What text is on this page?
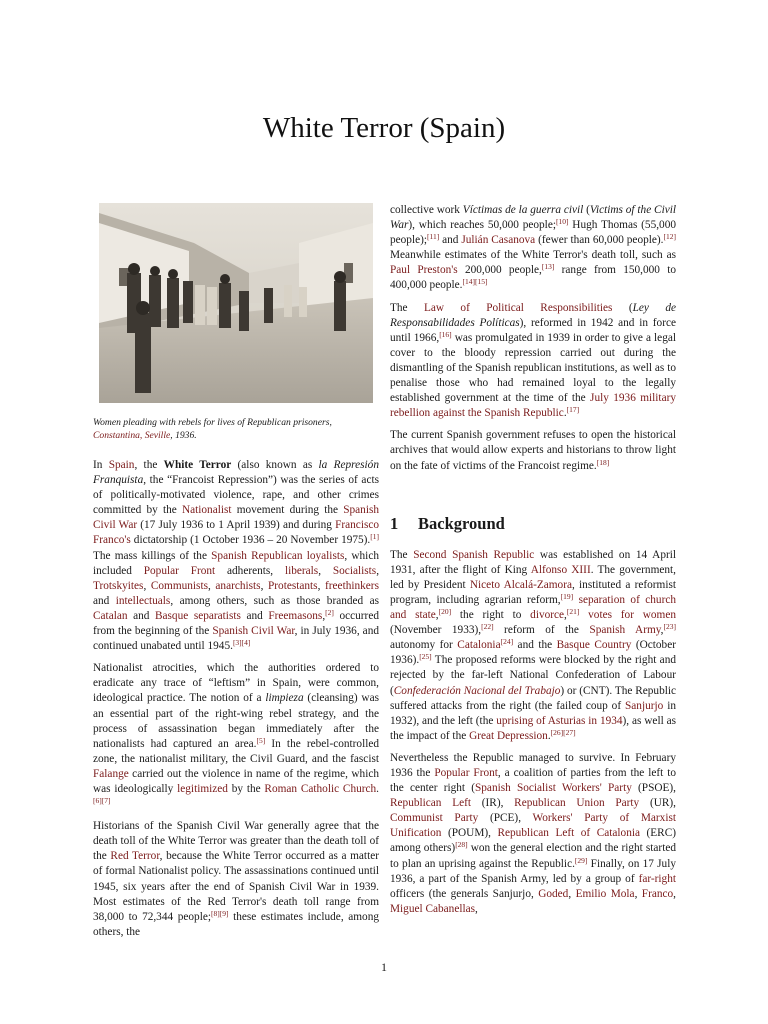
White Terror (Spain)
Women pleading with rebels for lives of Republican prisoners, Constantina, Seville, 1936.

In Spain, the White Terror (also known as la Represión Franquista, the “Francoist Repression”) was the series of acts of politically-motivated violence, rape, and other crimes committed by the Nationalist movement during the Spanish Civil War (17 July 1936 to 1 April 1939) and during Francisco Franco's dictatorship (1 October 1936 – 20 November 1975).[1] The mass killings of the Spanish Republican loyalists, which included Popular Front adherents, liberals, Socialists, Trotskyites, Communists, anarchists, Protestants, freethinkers and intellectuals, among others, such as those branded as Catalan and Basque separatists and Freemasons,[2] occurred from the beginning of the Spanish Civil War, in July 1936, and continued unabated until 1945.[3][4]

Nationalist atrocities, which the authorities ordered to eradicate any trace of “leftism” in Spain, were common, ideological practice. The notion of a limpieza (cleansing) was an essential part of the right-wing rebel strategy, and the process of assassination began immediately after the nationalists had captured an area.[5] In the rebel-controlled zone, the nationalist military, the Civil Guard, and the fascist Falange carried out the violence in name of the regime, which was ideologically legitimized by the Roman Catholic Church.[6][7]

Historians of the Spanish Civil War generally agree that the death toll of the White Terror was greater than the death toll of the Red Terror, because the White Terror occurred as a matter of formal Nationalist policy. The assassinations continued until 1945, six years after the end of Spanish Civil War in 1939. Most estimates of the Red Terror's death toll range from 38,000 to 72,344 people;[8][9] these estimates include, among others, the

collective work Víctimas de la guerra civil (Victims of the Civil War), which reaches 50,000 people;[10] Hugh Thomas (55,000 people);[11] and Julián Casanova (fewer than 60,000 people).[12] Meanwhile estimates of the White Terror's death toll, such as Paul Preston's 200,000 people,[13] range from 150,000 to 400,000 people.[14][15]

The Law of Political Responsibilities (Ley de Responsabilidades Políticas), reformed in 1942 and in force until 1966,[16] was promulgated in 1939 in order to give a legal cover to the bloody repression carried out during the dismantling of the Spanish republican institutions, as well as to penalise those who had remained loyal to the legally established government at the time of the July 1936 military rebellion against the Spanish Republic.[17]

The current Spanish government refuses to open the historical archives that would allow experts and historians to throw light on the fate of victims of the Francoist regime.[18]

1 Background

The Second Spanish Republic was established on 14 April 1931, after the flight of King Alfonso XIII. The government, led by President Niceto Alcalá-Zamora, instituted a reformist program, including agrarian reform,[19] separation of church and state,[20] the right to divorce,[21] votes for women (November 1933),[22] reform of the Spanish Army,[23] autonomy for Catalonia[24] and the Basque Country (October 1936).[25] The proposed reforms were blocked by the right and rejected by the far-left National Confederation of Labour (Confederación Nacional del Trabajo) or (CNT). The Republic suffered attacks from the right (the failed coup of Sanjurjo in 1932), and the left (the uprising of Asturias in 1934), as well as the impact of the Great Depression.[26][27]

Nevertheless the Republic managed to survive. In February 1936 the Popular Front, a coalition of parties from the left to the center right (Spanish Socialist Workers' Party (PSOE), Republican Left (IR), Republican Union Party (UR), Communist Party (PCE), Workers' Party of Marxist Unification (POUM), Republican Left of Catalonia (ERC) among others)[28] won the general election and the right started to plan an uprising against the Republic.[29] Finally, on 17 July 1936, a part of the Spanish Army, led by a group of far-right officers (the generals Sanjurjo, Goded, Emilio Mola, Franco, Miguel Cabanellas,

1
